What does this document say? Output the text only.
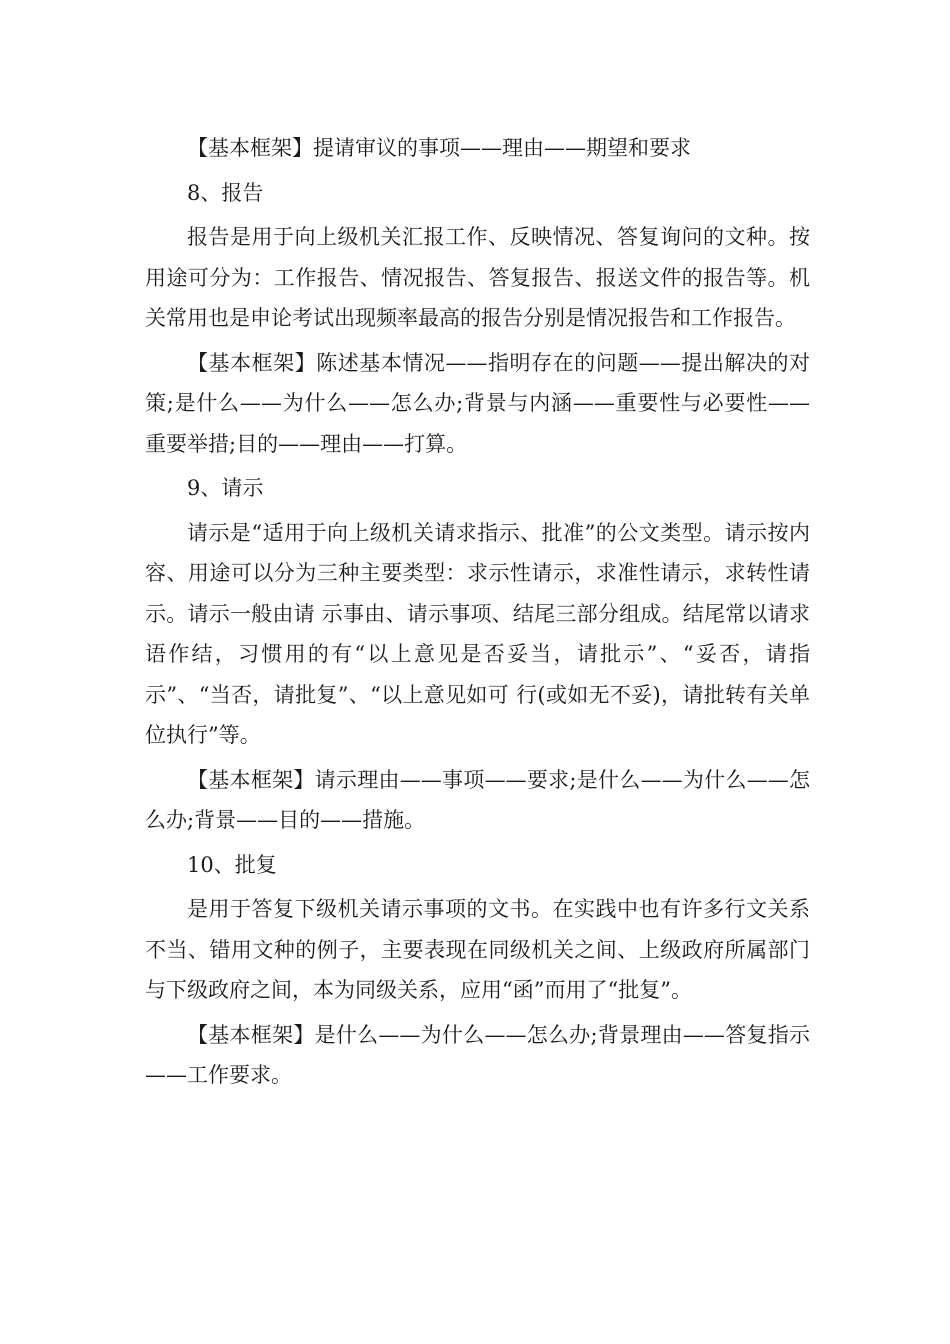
【基本框架】提请审议的事项——理由——期望和要求

8、报告

报告是用于向上级机关汇报工作、反映情况、答复询问的文种。按用途可分为：工作报告、情况报告、答复报告、报送文件的报告等。机关常用也是申论考试出现频率最高的报告分别是情况报告和工作报告。

【基本框架】陈述基本情况——指明存在的问题——提出解决的对策;是什么——为什么——怎么办;背景与内涵——重要性与必要性——重要举措;目的——理由——打算。

9、请示

请示是“适用于向上级机关请求指示、批准”的公文类型。请示按内容、用途可以分为三种主要类型：求示性请示，求准性请示，求转性请示。请示一般由请 示事由、请示事项、结尾三部分组成。结尾常以请求语作结，习惯用的有“以上意见是否妥当，请批示”、“妥否，请指示”、“当否，请批复”、“以上意见如可 行(或如无不妥)，请批转有关单位执行”等。

【基本框架】请示理由——事项——要求;是什么——为什么——怎么办;背景——目的——措施。

10、批复

是用于答复下级机关请示事项的文书。在实践中也有许多行文关系不当、错用文种的例子，主要表现在同级机关之间、上级政府所属部门与下级政府之间，本为同级关系，应用“函”而用了“批复”。

【基本框架】是什么——为什么——怎么办;背景理由——答复指示——工作要求。
